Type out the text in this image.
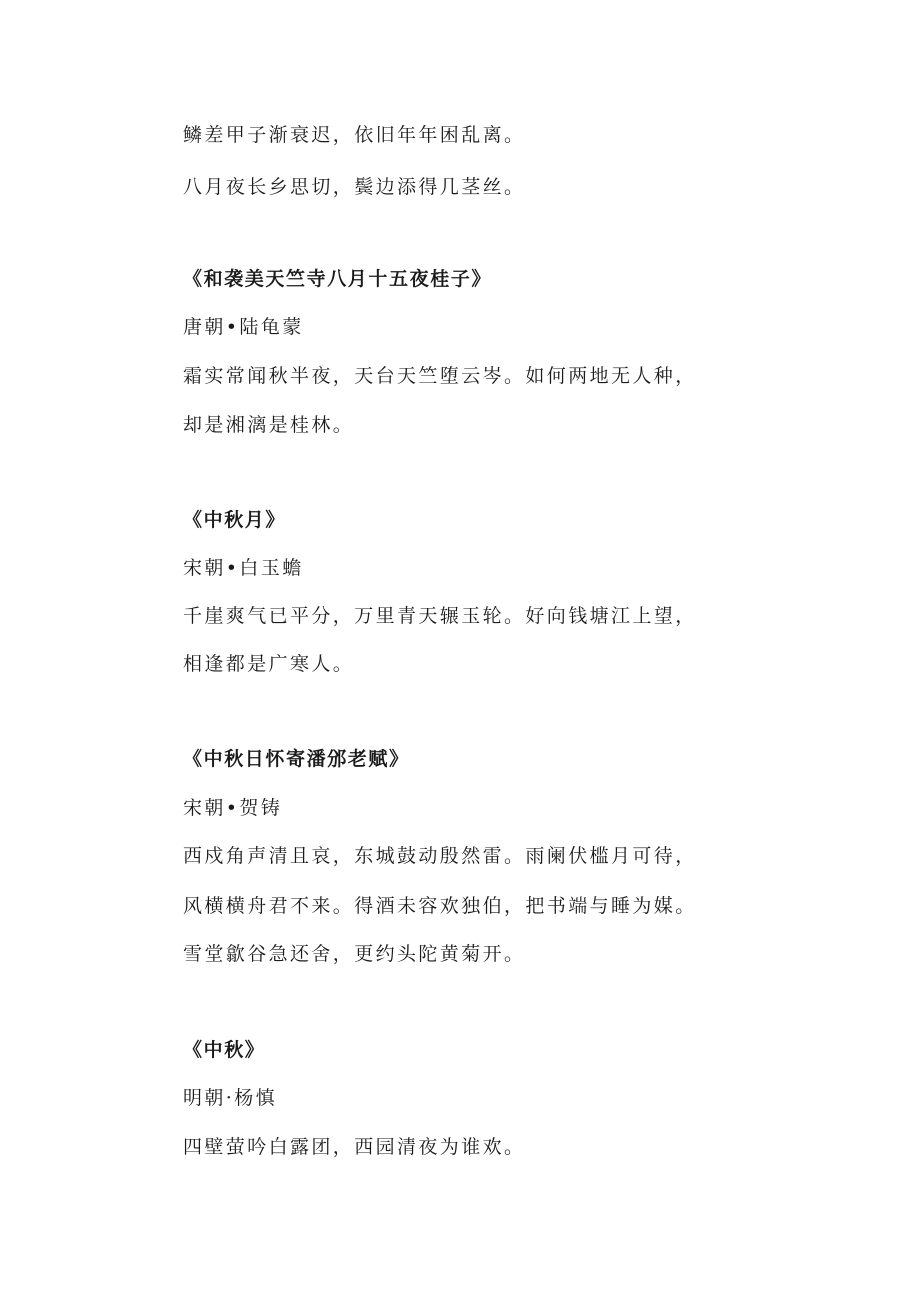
鳞差甲子渐衰迟，依旧年年困乱离。

八月夜长乡思切，鬓边添得几茎丝。

《和袭美天竺寺八月十五夜桂子》

唐朝•陆龟蒙

霜实常闻秋半夜，天台天竺堕云岑。如何两地无人种，

却是湘漓是桂林。

《中秋月》

宋朝•白玉蟾

千崖爽气已平分，万里青天辗玉轮。好向钱塘江上望，

相逢都是广寒人。

《中秋日怀寄潘邠老赋》

宋朝•贺铸

西戍角声清且哀，东城鼓动殷然雷。雨阑伏槛月可待，

风横横舟君不来。得酒未容欢独伯，把书端与睡为媒。

雪堂歙谷急还舍，更约头陀黄菊开。

《中秋》

明朝·杨慎

四壁萤吟白露团，西园清夜为谁欢。
